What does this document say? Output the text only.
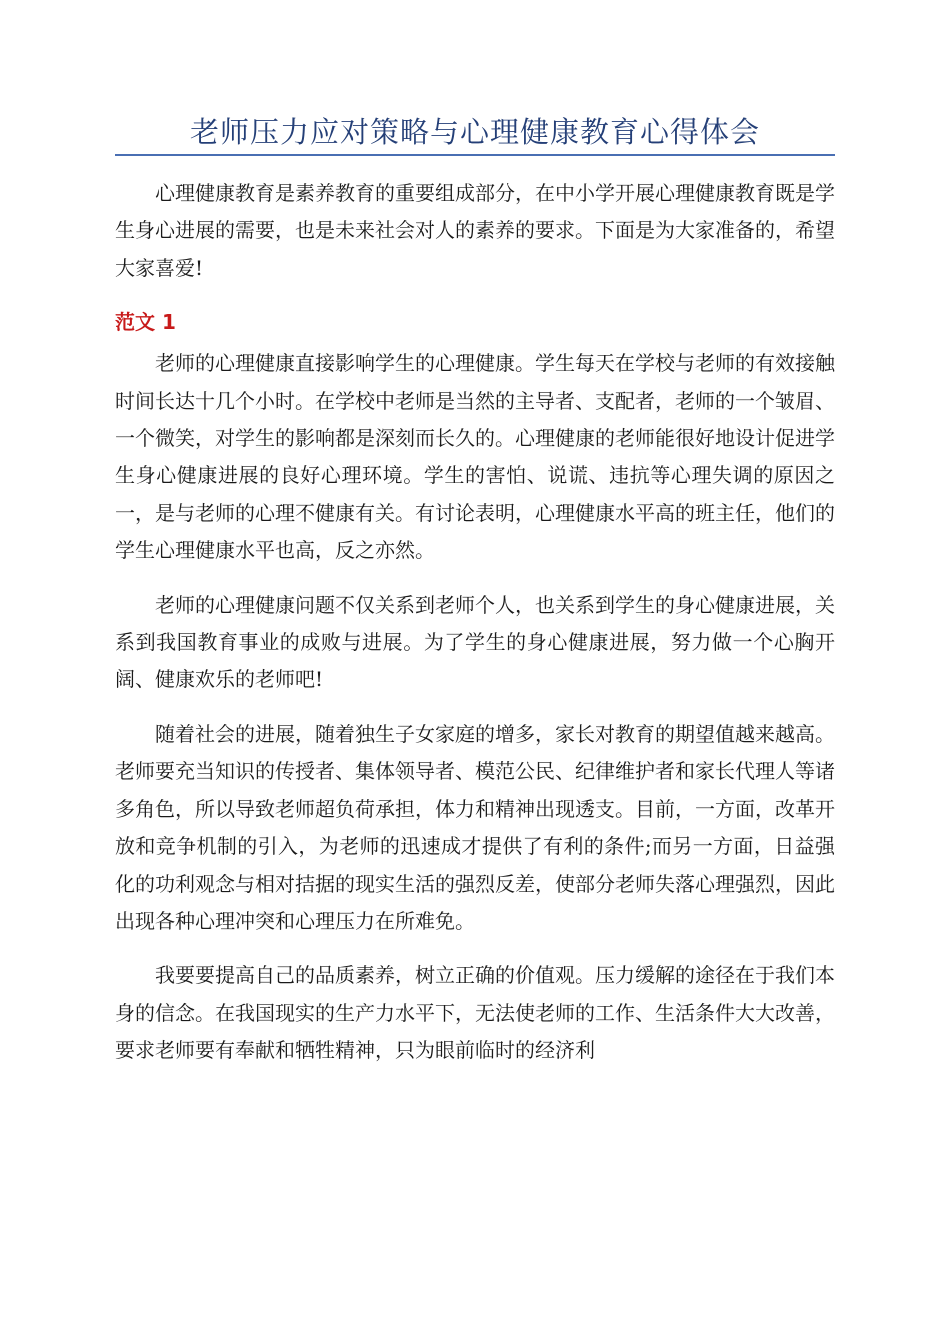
老师压力应对策略与心理健康教育心得体会

心理健康教育是素养教育的重要组成部分，在中小学开展心理健康教育既是学生身心进展的需要，也是未来社会对人的素养的要求。下面是为大家准备的，希望大家喜爱!

范文 1

老师的心理健康直接影响学生的心理健康。学生每天在学校与老师的有效接触时间长达十几个小时。在学校中老师是当然的主导者、支配者，老师的一个皱眉、一个微笑，对学生的影响都是深刻而长久的。心理健康的老师能很好地设计促进学生身心健康进展的良好心理环境。学生的害怕、说谎、违抗等心理失调的原因之一，是与老师的心理不健康有关。有讨论表明，心理健康水平高的班主任，他们的学生心理健康水平也高，反之亦然。

老师的心理健康问题不仅关系到老师个人，也关系到学生的身心健康进展，关系到我国教育事业的成败与进展。为了学生的身心健康进展，努力做一个心胸开阔、健康欢乐的老师吧!

随着社会的进展，随着独生子女家庭的增多，家长对教育的期望值越来越高。老师要充当知识的传授者、集体领导者、模范公民、纪律维护者和家长代理人等诸多角色，所以导致老师超负荷承担，体力和精神出现透支。目前，一方面，改革开放和竞争机制的引入，为老师的迅速成才提供了有利的条件;而另一方面，日益强化的功利观念与相对拮据的现实生活的强烈反差，使部分老师失落心理强烈，因此出现各种心理冲突和心理压力在所难免。

我要要提高自己的品质素养，树立正确的价值观。压力缓解的途径在于我们本身的信念。在我国现实的生产力水平下，无法使老师的工作、生活条件大大改善，要求老师要有奉献和牺牲精神，只为眼前临时的经济利
